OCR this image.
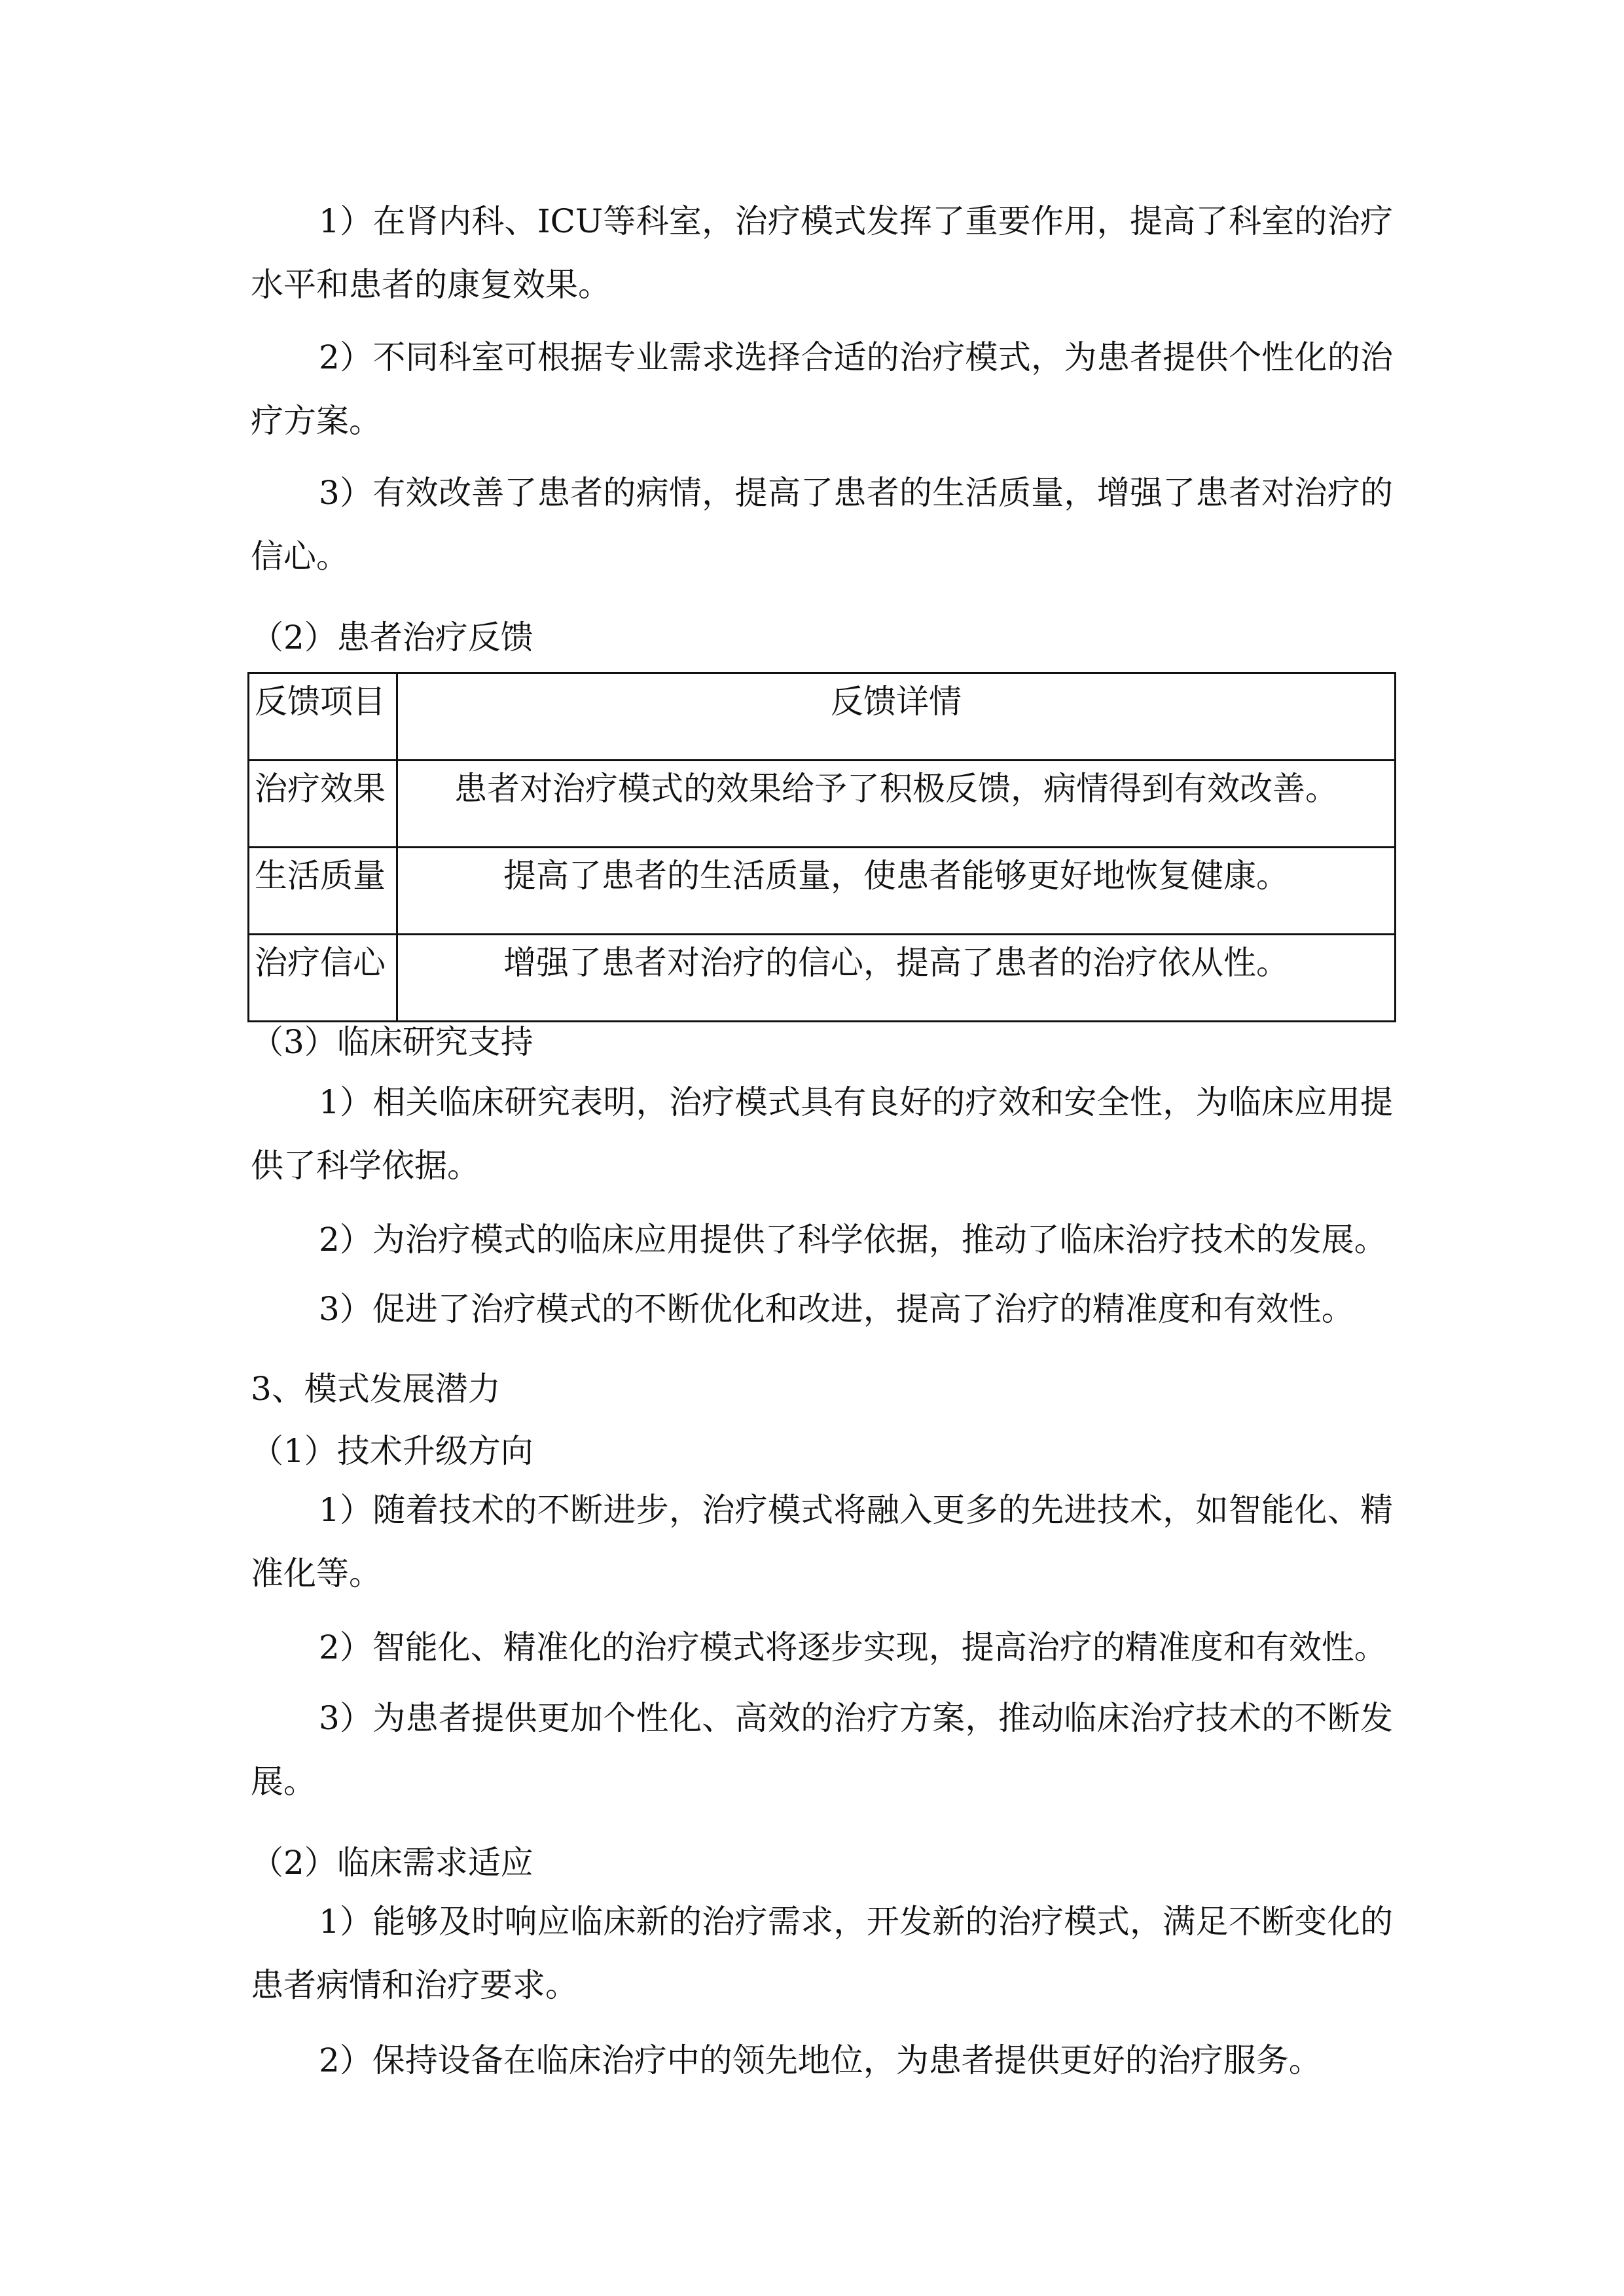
1）在肾内科、ICU等科室，治疗模式发挥了重要作用，提高了科室的治疗水平和患者的康复效果。
2）不同科室可根据专业需求选择合适的治疗模式，为患者提供个性化的治疗方案。
3）有效改善了患者的病情，提高了患者的生活质量，增强了患者对治疗的信心。
（2）患者治疗反馈
反馈项目	反馈详情
治疗效果	患者对治疗模式的效果给予了积极反馈，病情得到有效改善。
生活质量	提高了患者的生活质量，使患者能够更好地恢复健康。
治疗信心	增强了患者对治疗的信心，提高了患者的治疗依从性。
（3）临床研究支持
1）相关临床研究表明，治疗模式具有良好的疗效和安全性，为临床应用提供了科学依据。
2）为治疗模式的临床应用提供了科学依据，推动了临床治疗技术的发展。
3）促进了治疗模式的不断优化和改进，提高了治疗的精准度和有效性。
3、模式发展潜力
（1）技术升级方向
1）随着技术的不断进步，治疗模式将融入更多的先进技术，如智能化、精准化等。
2）智能化、精准化的治疗模式将逐步实现，提高治疗的精准度和有效性。
3）为患者提供更加个性化、高效的治疗方案，推动临床治疗技术的不断发展。
（2）临床需求适应
1）能够及时响应临床新的治疗需求，开发新的治疗模式，满足不断变化的患者病情和治疗要求。
2）保持设备在临床治疗中的领先地位，为患者提供更好的治疗服务。
